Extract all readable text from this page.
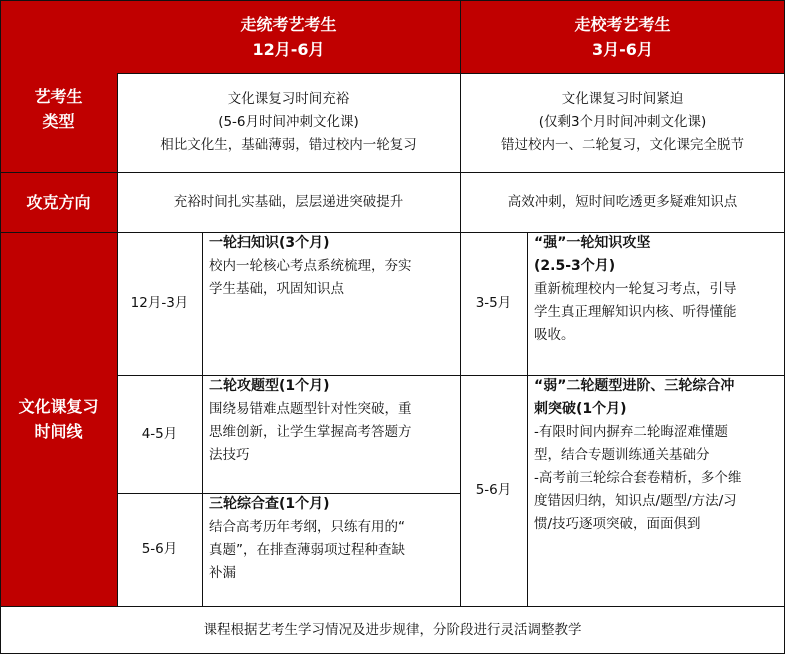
走统考艺考生
12月-6月
走校考艺考生
3月-6月
艺考生
类型
攻克方向
文化课复习
时间线
文化课复习时间充裕
(5-6月时间冲刺文化课)
相比文化生，基础薄弱，错过校内一轮复习
文化课复习时间紧迫
(仅剩3个月时间冲刺文化课)
错过校内一、二轮复习，文化课完全脱节
充裕时间扎实基础，层层递进突破提升	高效冲刺，短时间吃透更多疑难知识点
12月-3月
4-5月
5-6月
一轮扫知识(3个月)
校内一轮核心考点系统梳理，夯实
学生基础，巩固知识点
二轮攻题型(1个月)
围绕易错难点题型针对性突破，重
思维创新，让学生掌握高考答题方
法技巧
三轮综合查(1个月)
结合高考历年考纲，只练有用的“
真题”，在排查薄弱项过程种查缺
补漏
3-5月
5-6月
“强”一轮知识攻坚
(2.5-3个月)
重新梳理校内一轮复习考点，引导
学生真正理解知识内核、听得懂能
吸收。
“弱”二轮题型进阶、三轮综合冲
刺突破(1个月)
-有限时间内摒弃二轮晦涩难懂题
型，结合专题训练通关基础分
-高考前三轮综合套卷精析，多个维
度错因归纳，知识点/题型/方法/习
惯/技巧逐项突破，面面俱到
课程根据艺考生学习情况及进步规律，分阶段进行灵活调整教学
